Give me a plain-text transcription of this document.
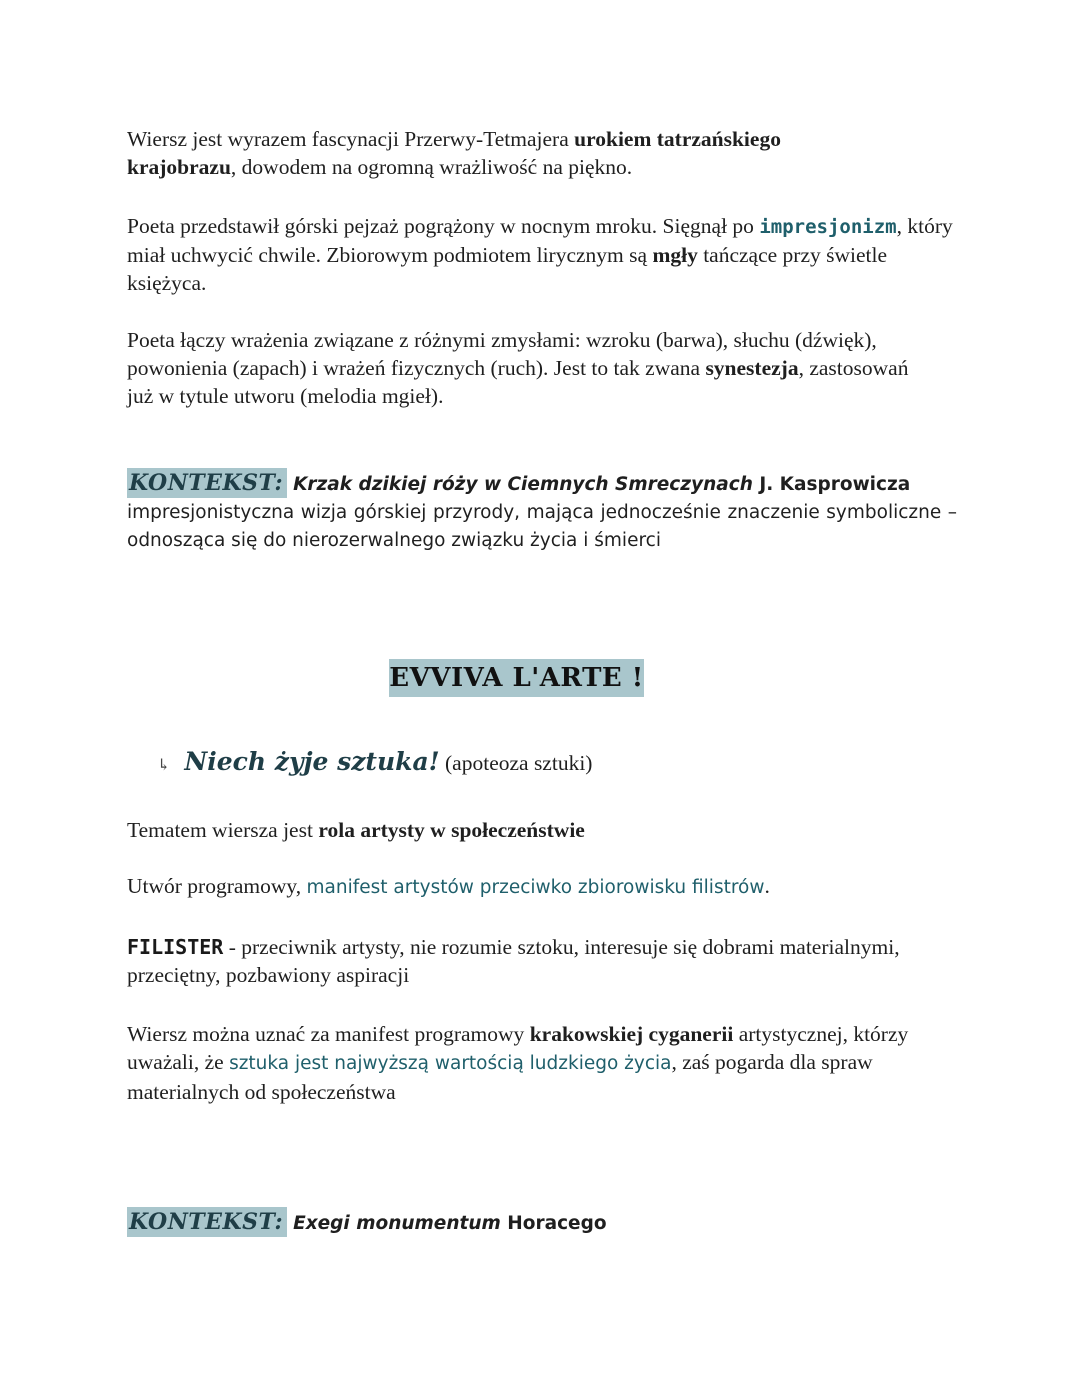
Wiersz jest wyrazem fascynacji Przerwy-Tetmajera urokiem tatrzańskiego krajobrazu, dowodem na ogromną wrażliwość na piękno.
Poeta przedstawił górski pejzaż pogrążony w nocnym mroku. Sięgnął po impresjonizm, który miał uchwycić chwile. Zbiorowym podmiotem lirycznym są mgły tańczące przy świetle księżyca.
Poeta łączy wrażenia związane z różnymi zmysłami: wzroku (barwa), słuchu (dźwięk), powonienia (zapach) i wrażeń fizycznych (ruch). Jest to tak zwana synestezja, zastosowań już w tytule utworu (melodia mgieł).
KONTEKST: Krzak dzikiej róży w Ciemnych Smreczynach J. Kasprowicza
impresjonistyczna wizja górskiej przyrody, mająca jednocześnie znaczenie symboliczne – odnosząca się do nierozerwalnego związku życia i śmierci
EVVIVA L'ARTE !
↳ Niech żyje sztuka! (apoteoza sztuki)
Tematem wiersza jest rola artysty w społeczeństwie
Utwór programowy, manifest artystów przeciwko zbiorowisku filistrów.
FILISTER - przeciwnik artysty, nie rozumie sztoku, interesuje się dobrami materialnymi, przeciętny, pozbawiony aspiracji
Wiersz można uznać za manifest programowy krakowskiej cyganerii artystycznej, którzy uważali, że sztuka jest najwyższą wartością ludzkiego życia, zaś pogarda dla spraw materialnych od społeczeństwa
KONTEKST: Exegi monumentum Horacego
